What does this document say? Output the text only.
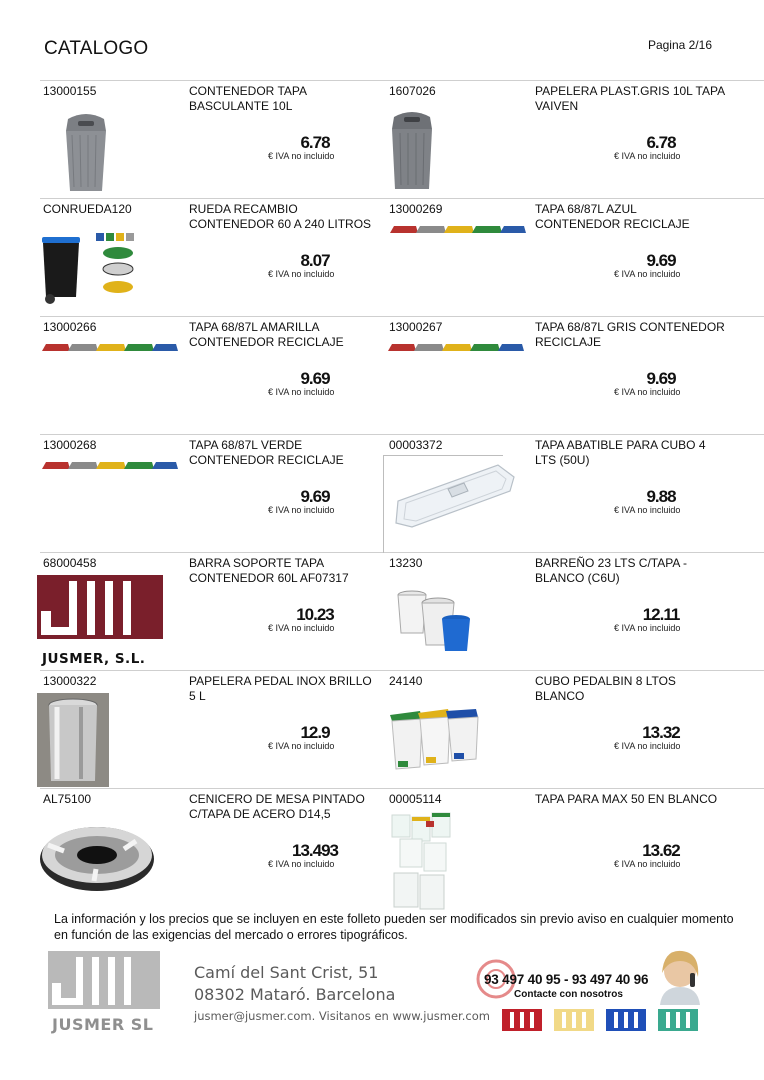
CATALOGO	Pagina 2/16
13000155	CONTENEDOR TAPA BASCULANTE 10L
6.78
€ IVA no incluido
1607026	PAPELERA PLAST.GRIS 10L TAPA VAIVEN
6.78
€ IVA no incluido
CONRUEDA120	RUEDA RECAMBIO CONTENEDOR 60 A 240 LITROS
8.07
€ IVA no incluido
13000269	TAPA 68/87L AZUL CONTENEDOR RECICLAJE
9.69
€ IVA no incluido
13000266	TAPA 68/87L AMARILLA CONTENEDOR RECICLAJE
9.69
€ IVA no incluido
13000267	TAPA 68/87L GRIS CONTENEDOR RECICLAJE
9.69
€ IVA no incluido
13000268	TAPA 68/87L VERDE CONTENEDOR RECICLAJE
9.69
€ IVA no incluido
00003372	TAPA ABATIBLE PARA CUBO 4 LTS (50U)
9.88
€ IVA no incluido
68000458	BARRA SOPORTE TAPA CONTENEDOR 60L AF07317
10.23
€ IVA no incluido
JUSMER, S.L.
13230	BARREÑO 23 LTS C/TAPA - BLANCO (C6U)
12.11
€ IVA no incluido
13000322	PAPELERA PEDAL INOX BRILLO 5 L
12.9
€ IVA no incluido
24140	CUBO PEDALBIN 8 LTOS BLANCO
13.32
€ IVA no incluido
AL75100	CENICERO DE MESA PINTADO C/TAPA DE ACERO D14,5
13.493
€ IVA no incluido
00005114	TAPA PARA MAX 50 EN BLANCO
13.62
€ IVA no incluido
La información y los precios que se incluyen en este folleto pueden ser modificados sin previo aviso en cualquier momento en función de las exigencias del mercado o errores tipográficos.
JUSMER SL
Camí del Sant Crist, 51
08302 Mataró. Barcelona
jusmer@jusmer.com. Visitanos en www.jusmer.com
93 497 40 95 - 93 497 40 96
Contacte con nosotros
